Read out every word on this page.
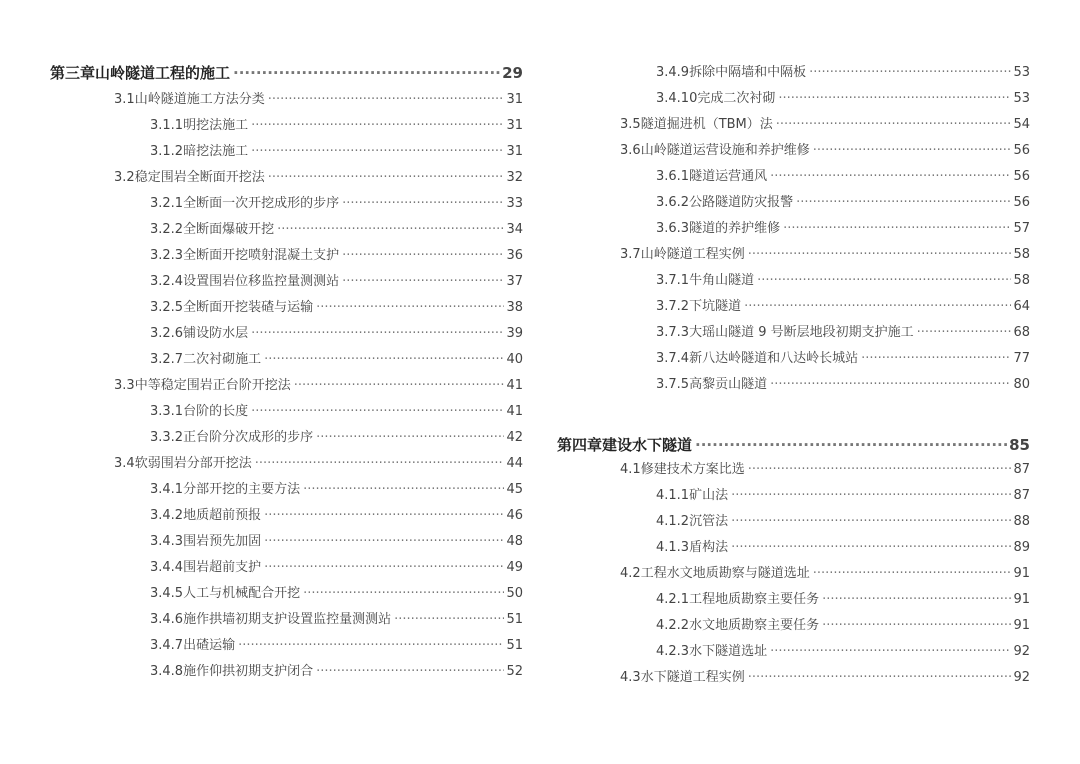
第三章 山岭隧道工程的施工 ·····	29
3.1 山岭隧道施工方法分类 ·····	31
3.1.1 明挖法施工 ·····	31
3.1.2 暗挖法施工 ·····	31
3.2 稳定围岩全断面开挖法 ·····	32
3.2.1 全断面一次开挖成形的步序 ·····	33
3.2.2 全断面爆破开挖 ·····	34
3.2.3 全断面开挖喷射混凝土支护 ·····	36
3.2.4 设置围岩位移监控量测测站 ·····	37
3.2.5 全断面开挖装碴与运输 ·····	38
3.2.6 铺设防水层 ·····	39
3.2.7 二次衬砌施工 ·····	40
3.3 中等稳定围岩正台阶开挖法 ·····	41
3.3.1 台阶的长度 ·····	41
3.3.2 正台阶分次成形的步序 ·····	42
3.4 软弱围岩分部开挖法 ·····	44
3.4.1 分部开挖的主要方法 ·····	45
3.4.2 地质超前预报 ·····	46
3.4.3 围岩预先加固 ·····	48
3.4.4 围岩超前支护 ·····	49
3.4.5 人工与机械配合开挖 ·····	50
3.4.6 施作拱墙初期支护设置监控量测测站 ·····	51
3.4.7 出碴运输 ·····	51
3.4.8 施作仰拱初期支护闭合 ·····	52
3.4.9 拆除中隔墙和中隔板 ·····	53
3.4.10 完成二次衬砌 ·····	53
3.5 隧道掘进机（TBM）法 ·····	54
3.6 山岭隧道运营设施和养护维修 ·····	56
3.6.1 隧道运营通风 ·····	56
3.6.2 公路隧道防灾报警 ·····	56
3.6.3 隧道的养护维修 ·····	57
3.7 山岭隧道工程实例 ·····	58
3.7.1 牛角山隧道 ·····	58
3.7.2 下坑隧道 ·····	64
3.7.3 大瑶山隧道 9 号断层地段初期支护施工 ·····	68
3.7.4 新八达岭隧道和八达岭长城站 ·····	77
3.7.5 高黎贡山隧道 ·····	80
第四章 建设水下隧道 ·····	85
4.1 修建技术方案比选 ·····	87
4.1.1 矿山法 ·····	87
4.1.2 沉管法 ·····	88
4.1.3 盾构法 ·····	89
4.2 工程水文地质勘察与隧道选址 ·····	91
4.2.1 工程地质勘察主要任务 ·····	91
4.2.2 水文地质勘察主要任务 ·····	91
4.2.3 水下隧道选址 ·····	92
4.3 水下隧道工程实例 ·····	92
